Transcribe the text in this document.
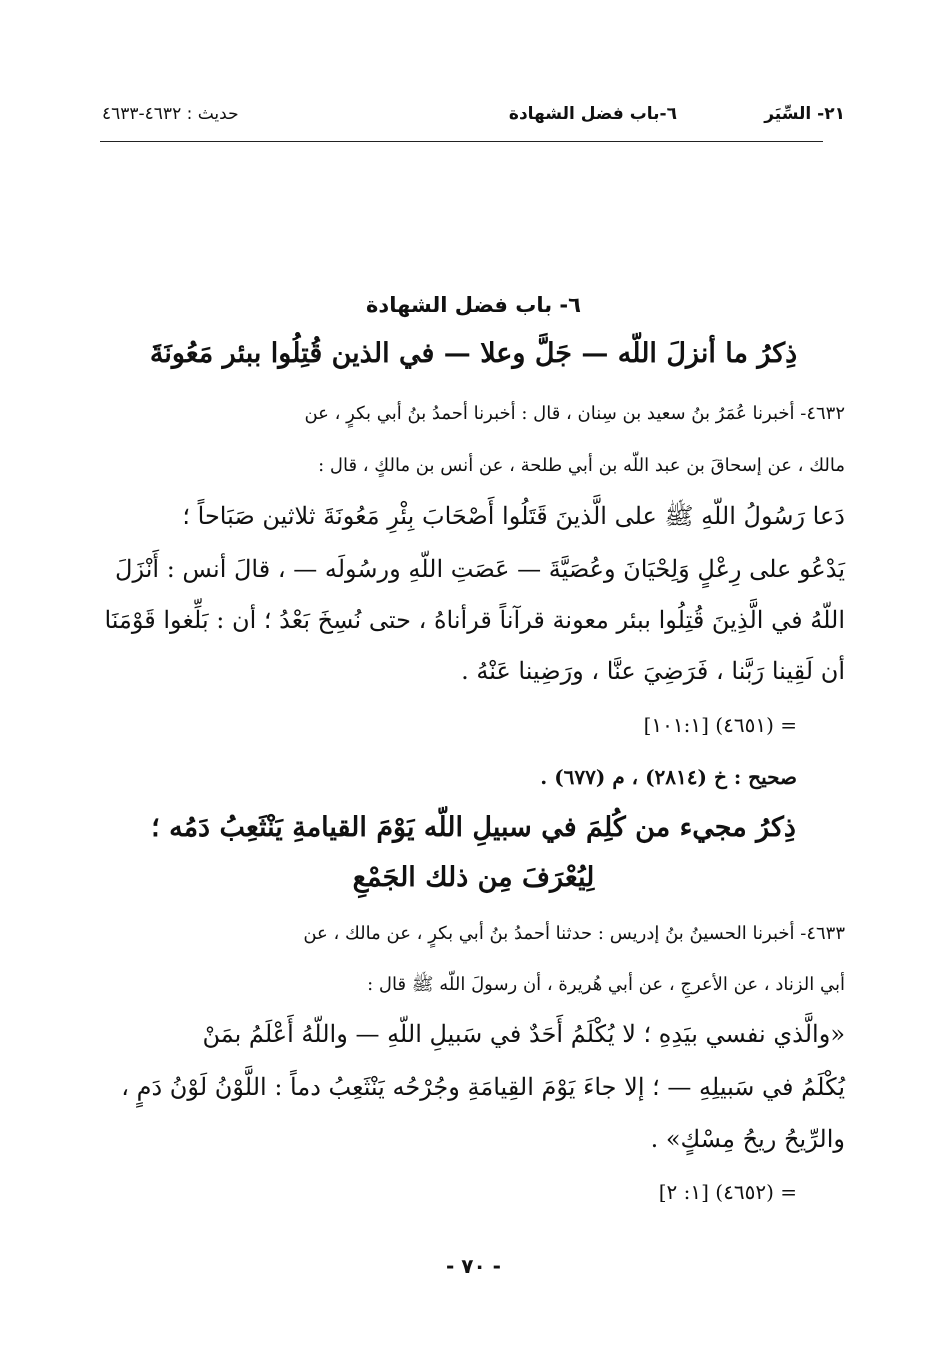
٢١- السِّيَر
٦-باب فضل الشهادة
حديث : ٤٦٣٢-٤٦٣٣
٦- باب فضل الشهادة
ذِكرُ ما أنزلَ اللّه — جَلَّ وعلا — في الذين قُتِلُوا ببئر مَعُونَةَ
٤٦٣٢- أخبرنا عُمَرُ بنُ سعيد بن سِنان ، قال : أخبرنا أحمدُ بنُ أبي بكرٍ ، عن
مالك ، عن إسحاقَ بن عبد اللّه بن أبي طلحة ، عن أنس بن مالكٍ ، قال :
دَعا رَسُولُ اللّهِ ﷺ على الَّذينَ قَتَلُوا أَصْحَابَ بِئْرِ مَعُونَةَ ثلاثين صَبَاحاً ؛
يَدْعُو على رِعْلٍ وَلِحْيَانَ وعُصَيَّةَ — عَصَتِ اللّهِ ورسُولَه — ، قالَ أنس : أَنْزَلَ
اللّهُ في الَّذِينَ قُتِلُوا ببئر معونة قرآناً قرأناهُ ، حتى نُسِخَ بَعْدُ ؛ أن : بَلِّغوا قَوْمَنَا
أن لَقِينا رَبَّنا ، فَرَضِيَ عنَّا ، ورَضِينا عَنْهُ .
= (٤٦٥١) [١٠١:١]
صحيح : خ (٢٨١٤) ، م (٦٧٧) .
ذِكرُ مجيء من كُلِمَ في سبيلِ اللّه يَوْمَ القيامةِ يَنْثَعِبُ دَمُه ؛
لِيُعْرَفَ مِن ذلك الجَمْعِ
٤٦٣٣- أخبرنا الحسينُ بنُ إدريس : حدثنا أحمدُ بنُ أبي بكرٍ ، عن مالك ، عن
أبي الزناد ، عن الأعرجِ ، عن أبي هُريرة ، أن رسولَ اللّه ﷺ قال :
«والَّذي نفسي بيَدِهِ ؛ لا يُكْلَمُ أَحَدٌ في سَبيلِ اللّهِ — واللّهُ أَعْلَمُ بمَنْ
يُكْلَمُ في سَبيلِهِ — ؛ إلا جاءَ يَوْمَ القِيامَةِ وجُرْحُه يَنْثَعِبُ دماً : اللَّوْنُ لَوْنُ دَمٍ ،
والرِّيحُ ريحُ مِسْكٍ» .
= (٤٦٥٢) [١: ٢]
- ٧٠ -
